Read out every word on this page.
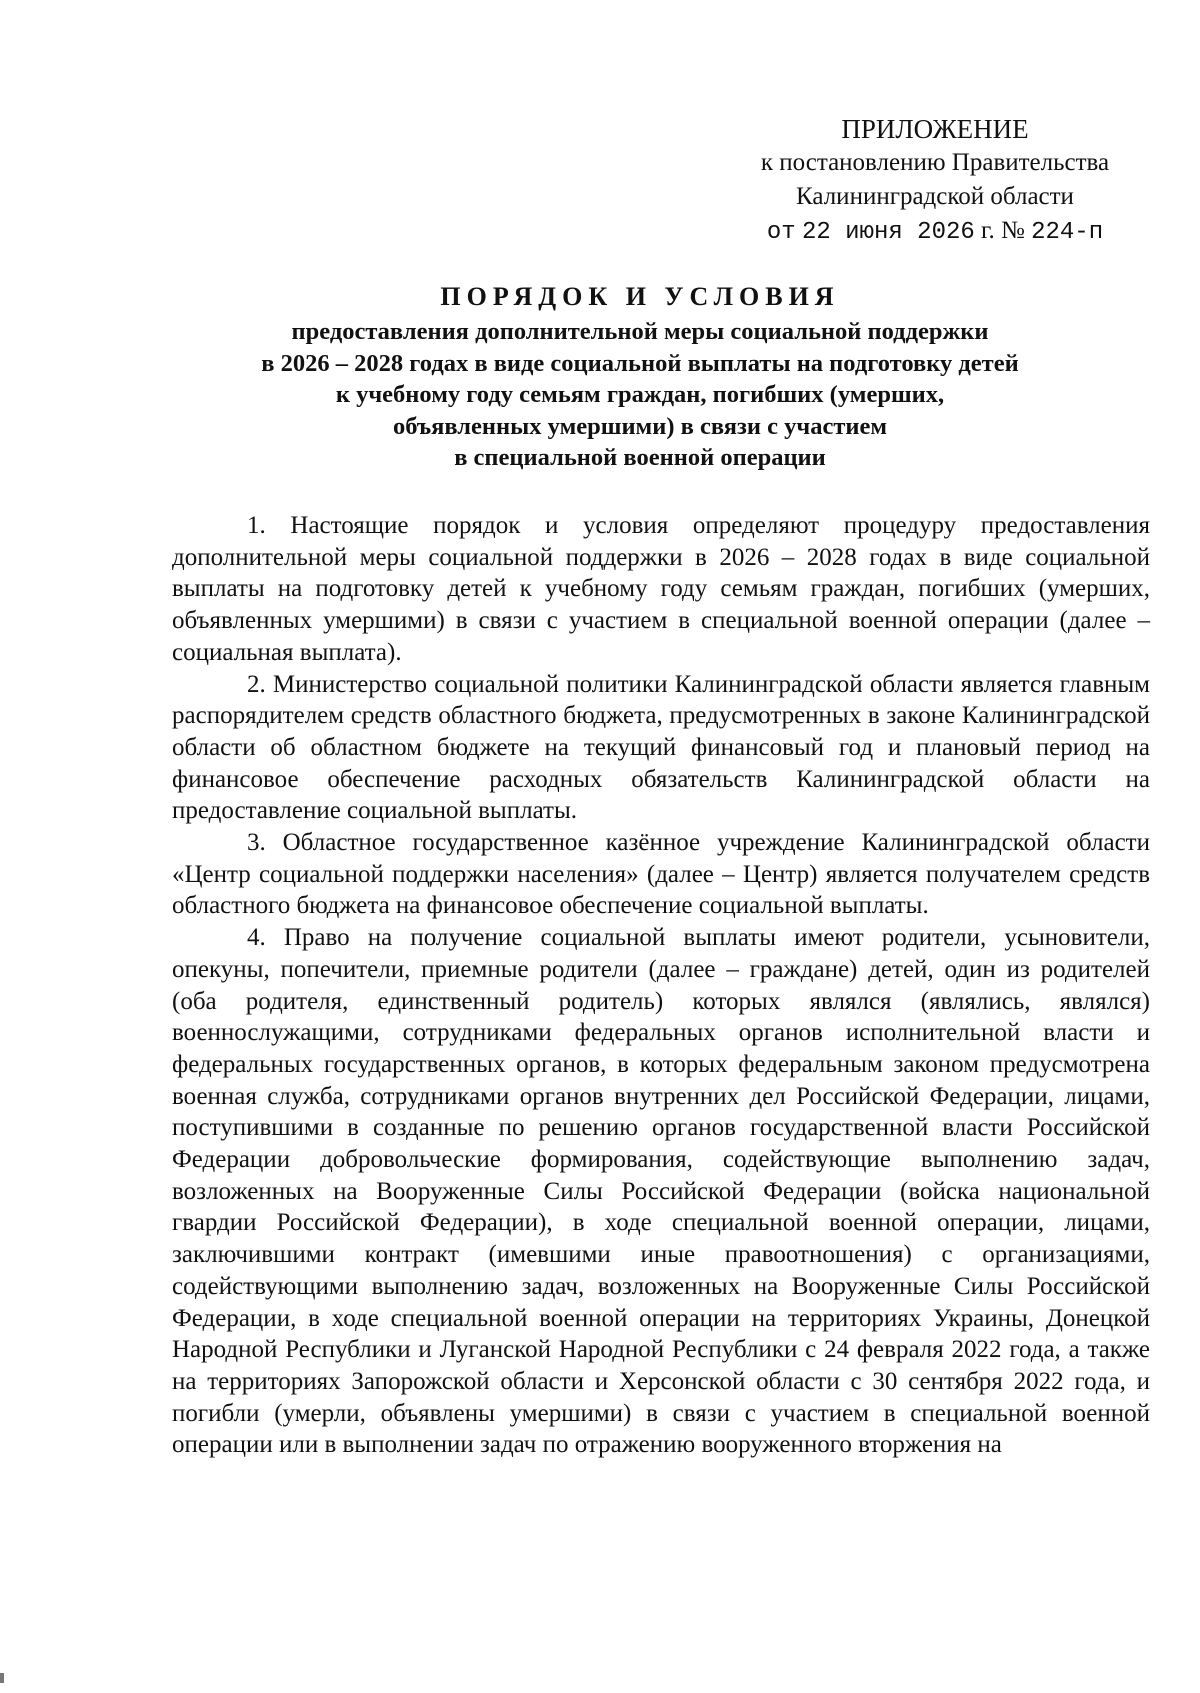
ПРИЛОЖЕНИЕ
к постановлению Правительства
Калининградской области
от 22 июня 2026 г. № 224-п
ПОРЯДОК И УСЛОВИЯ
предоставления дополнительной меры социальной поддержки
в 2026 – 2028 годах в виде социальной выплаты на подготовку детей
к учебному году семьям граждан, погибших (умерших,
объявленных умершими) в связи с участием
в специальной военной операции

1. Настоящие порядок и условия определяют процедуру предоставления дополнительной меры социальной поддержки в 2026 – 2028 годах в виде социальной выплаты на подготовку детей к учебному году семьям граждан, погибших (умерших, объявленных умершими) в связи с участием в специальной военной операции (далее – социальная выплата).

2. Министерство социальной политики Калининградской области является главным распорядителем средств областного бюджета, предусмотренных в законе Калининградской области об областном бюджете на текущий финансовый год и плановый период на финансовое обеспечение расходных обязательств Калининградской области на предоставление социальной выплаты.

3. Областное государственное казённое учреждение Калининградской области «Центр социальной поддержки населения» (далее – Центр) является получателем средств областного бюджета на финансовое обеспечение социальной выплаты.

4. Право на получение социальной выплаты имеют родители, усыновители, опекуны, попечители, приемные родители (далее – граждане) детей, один из родителей (оба родителя, единственный родитель) которых являлся (являлись, являлся) военнослужащими, сотрудниками федеральных органов исполнительной власти и федеральных государственных органов, в которых федеральным законом предусмотрена военная служба, сотрудниками органов внутренних дел Российской Федерации, лицами, поступившими в созданные по решению органов государственной власти Российской Федерации добровольческие формирования, содействующие выполнению задач, возложенных на Вооруженные Силы Российской Федерации (войска национальной гвардии Российской Федерации), в ходе специальной военной операции, лицами, заключившими контракт (имевшими иные правоотношения) с организациями, содействующими выполнению задач, возложенных на Вооруженные Силы Российской Федерации, в ходе специальной военной операции на территориях Украины, Донецкой Народной Республики и Луганской Народной Республики с 24 февраля 2022 года, а также на территориях Запорожской области и Херсонской области с 30 сентября 2022 года, и погибли (умерли, объявлены умершими) в связи с участием в специальной военной операции или в выполнении задач по отражению вооруженного вторжения на
